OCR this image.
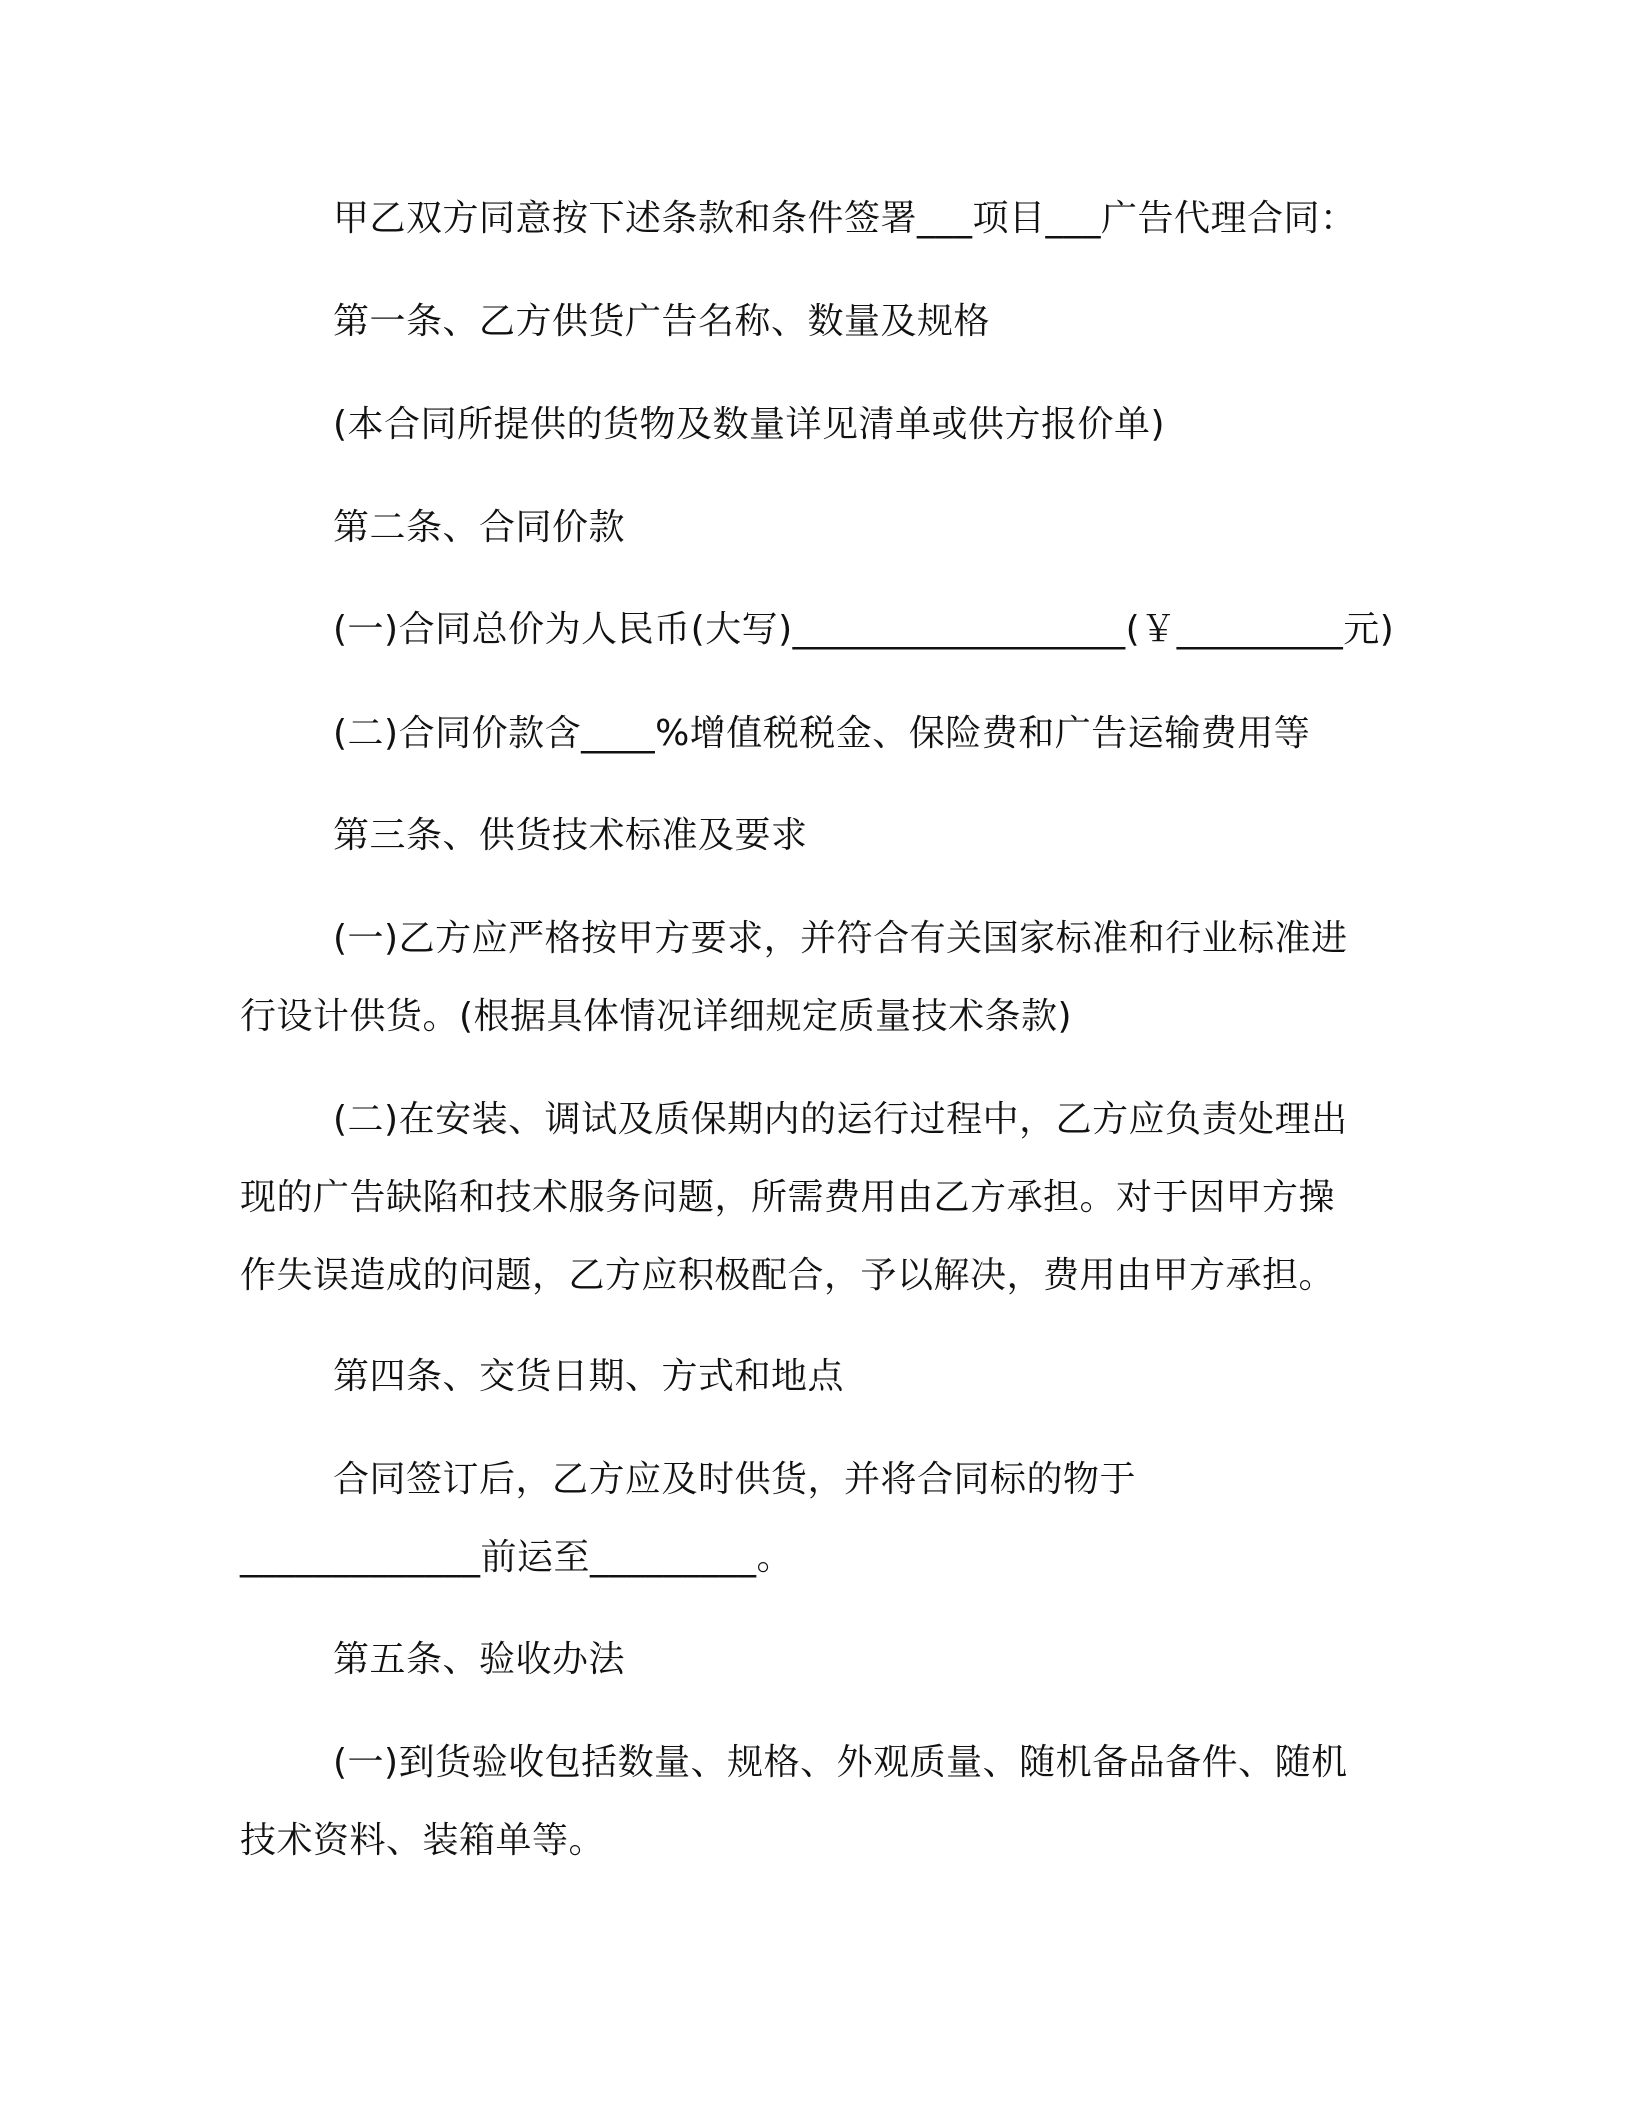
甲乙双方同意按下述条款和条件签署___项目___广告代理合同：
第一条、乙方供货广告名称、数量及规格
(本合同所提供的货物及数量详见清单或供方报价单)
第二条、合同价款
(一)合同总价为人民币(大写)__________________(￥_________元)
(二)合同价款含____%增值税税金、保险费和广告运输费用等
第三条、供货技术标准及要求
(一)乙方应严格按甲方要求，并符合有关国家标准和行业标准进
行设计供货。(根据具体情况详细规定质量技术条款)
(二)在安装、调试及质保期内的运行过程中，乙方应负责处理出
现的广告缺陷和技术服务问题，所需费用由乙方承担。对于因甲方操
作失误造成的问题，乙方应积极配合，予以解决，费用由甲方承担。
第四条、交货日期、方式和地点
合同签订后，乙方应及时供货，并将合同标的物于
_____________前运至_________。
第五条、验收办法
(一)到货验收包括数量、规格、外观质量、随机备品备件、随机
技术资料、装箱单等。
